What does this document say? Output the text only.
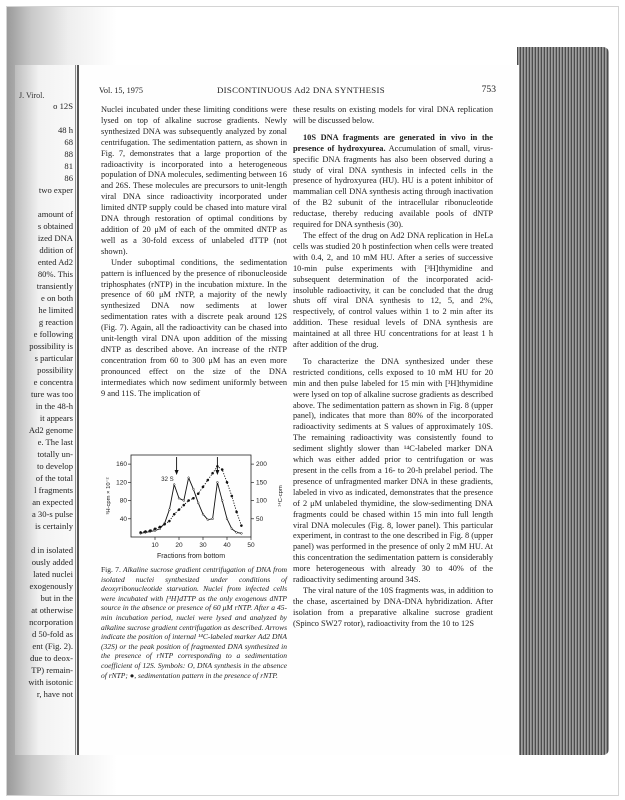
J. Virol.
o 12S

48 h
68
88
81
86
two exper

amount of
s obtained
ized DNA
ddition of
ented Ad2
80%. This
transiently
e on both
he limited
g reaction
e following
possibility is
s particular
possibility
e concentra
ture was too
in the 48-h
it appears
Ad2 genome
e. The last
totally un-
to develop
of the total
l fragments
an expected
a 30-s pulse
is certainly

d in isolated
ously added
lated nuclei
exogenously
but in the
at otherwise
ncorporation
d 50-fold as
ent (Fig. 2).
due to deox-
TP) remain-
with isotonic
r, have not
Vol. 15, 1975	DISCONTINUOUS Ad2 DNA SYNTHESIS	753

Nuclei incubated under these limiting conditions were lysed on top of alkaline sucrose gradients. Newly synthesized DNA was subsequently analyzed by zonal centrifugation. The sedimentation pattern, as shown in Fig. 7, demonstrates that a large proportion of the radioactivity is incorporated into a heterogeneous population of DNA molecules, sedimenting between 16 and 26S. These molecules are precursors to unit-length viral DNA since radioactivity incorporated under limited dNTP supply could be chased into mature viral DNA through restoration of optimal conditions by addition of 20 μM of each of the ommited dNTP as well as a 30-fold excess of unlabeled dTTP (not shown).

Under suboptimal conditions, the sedimentation pattern is influenced by the presence of ribonucleoside triphosphates (rNTP) in the incubation mixture. In the presence of 60 μM rNTP, a majority of the newly synthesized DNA now sediments at lower sedimentation rates with a discrete peak around 12S (Fig. 7). Again, all the radioactivity can be chased into unit-length viral DNA upon addition of the missing dNTP as described above. An increase of the rNTP concentration from 60 to 300 μM has an even more pronounced effect on the size of the DNA intermediates which now sediment uniformly between 9 and 11S. The implication of

10	20	30	40	50
160
120
80
40
200
150
100
50
Fractions from bottom
³H-cpm × 10⁻²	¹⁴C-cpm
32 S
Fig. 7. Alkaline sucrose gradient centrifugation of DNA from isolated nuclei synthesized under conditions of deoxyribonucleotide starvation. Nuclei from infected cells were incubated with [³H]dTTP as the only exogenous dNTP source in the absence or presence of 60 μM rNTP. After a 45-min incubation period, nuclei were lysed and analyzed by alkaline sucrose gradient centrifugation as described. Arrows indicate the position of internal ¹⁴C-labeled marker Ad2 DNA (32S) or the peak position of fragmented DNA synthesized in the presence of rNTP corresponding to a sedimentation coefficient of 12S. Symbols: O, DNA synthesis in the absence of rNTP; ●, sedimentation pattern in the presence of rNTP.

these results on existing models for viral DNA replication will be discussed below.

10S DNA fragments are generated in vivo in the presence of hydroxyurea. Accumulation of small, virus-specific DNA fragments has also been observed during a study of viral DNA synthesis in infected cells in the presence of hydroxyurea (HU). HU is a potent inhibitor of mammalian cell DNA synthesis acting through inactivation of the B2 subunit of the intracellular ribonucleotide reductase, thereby reducing available pools of dNTP required for DNA synthesis (30).

The effect of the drug on Ad2 DNA replication in HeLa cells was studied 20 h postinfection when cells were treated with 0.4, 2, and 10 mM HU. After a series of successive 10-min pulse experiments with [³H]thymidine and subsequent determination of the incorporated acid-insoluble radioactivity, it can be concluded that the drug shuts off viral DNA synthesis to 12, 5, and 2%, respectively, of control values within 1 to 2 min after its addition. These residual levels of DNA synthesis are maintained at all three HU concentrations for at least 1 h after addition of the drug.

To characterize the DNA synthesized under these restricted conditions, cells exposed to 10 mM HU for 20 min and then pulse labeled for 15 min with [³H]thymidine were lysed on top of alkaline sucrose gradients as described above. The sedimentation pattern as shown in Fig. 8 (upper panel), indicates that more than 80% of the incorporated radioactivity sediments at S values of approximately 10S. The remaining radioactivity was consistently found to sediment slightly slower than ¹⁴C-labeled marker DNA which was either added prior to centrifugation or was present in the cells from a 16- to 20-h prelabel period. The presence of unfragmented marker DNA in these gradients, labeled in vivo as indicated, demonstrates that the presence of 2 μM unlabeled thymidine, the slow-sedimenting DNA fragments could be chased within 15 min into full length viral DNA molecules (Fig. 8, lower panel). This particular experiment, in contrast to the one described in Fig. 8 (upper panel) was performed in the presence of only 2 mM HU. At this concentration the sedimentation pattern is considerably more heterogeneous with already 30 to 40% of the radioactivity sedimenting around 34S.

The viral nature of the 10S fragments was, in addition to the chase, ascertained by DNA-DNA hybridization. After isolation from a preparative alkaline sucrose gradient (Spinco SW27 rotor), radioactivity from the 10 to 12S
